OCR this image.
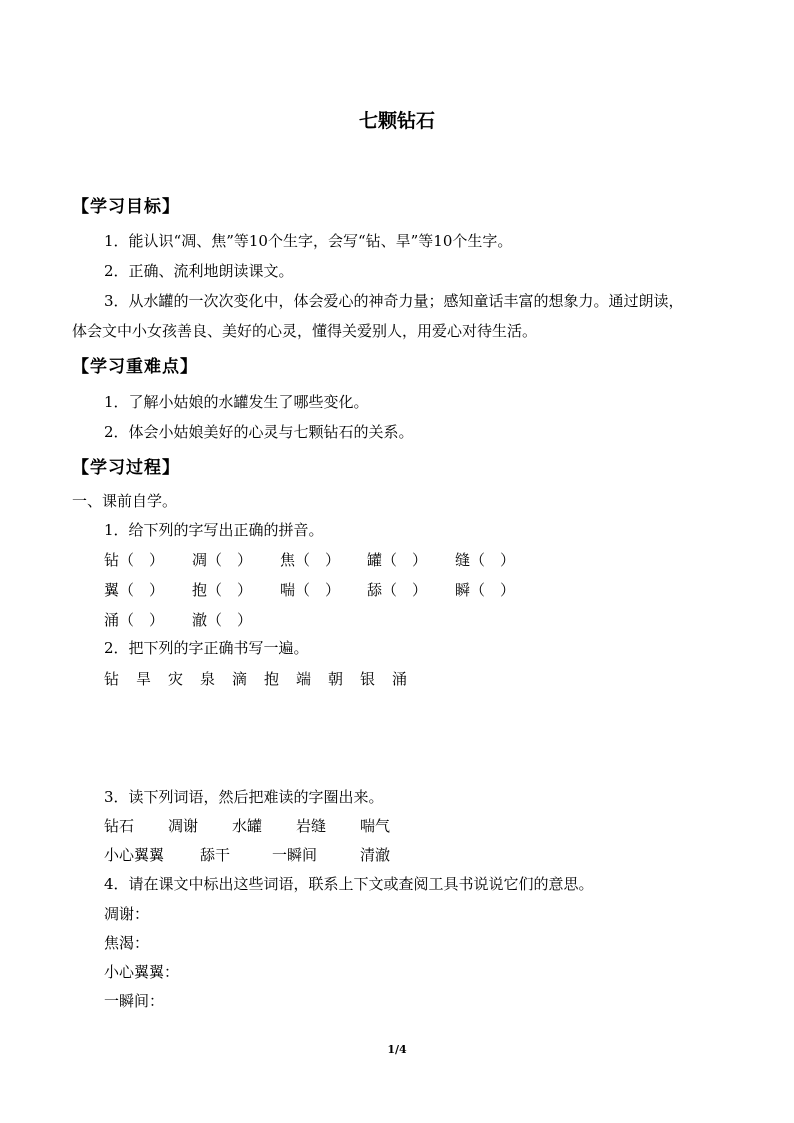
七颗钻石
【学习目标】
1．能认识“凋、焦”等10个生字，会写“钻、旱”等10个生字。
2．正确、流利地朗读课文。
3．从水罐的一次次变化中，体会爱心的神奇力量；感知童话丰富的想象力。通过朗读，
体会文中小女孩善良、美好的心灵，懂得关爱别人，用爱心对待生活。
【学习重难点】
1．了解小姑娘的水罐发生了哪些变化。
2．体会小姑娘美好的心灵与七颗钻石的关系。
【学习过程】
一、课前自学。
1．给下列的字写出正确的拼音。
钻（　） 凋（　） 焦（　） 罐（　） 缝（　）
翼（　） 抱（　） 喘（　） 舔（　） 瞬（　）
涌（　） 澈（　）
2．把下列的字正确书写一遍。
钻 旱 灾 泉 滴 抱 端 朝 银 涌
3．读下列词语，然后把难读的字圈出来。
钻石 凋谢 水罐 岩缝 喘气
小心翼翼 舔干	一瞬间	清澈
4．请在课文中标出这些词语，联系上下文或查阅工具书说说它们的意思。
凋谢：
焦渴：
小心翼翼：
一瞬间：
1/4
